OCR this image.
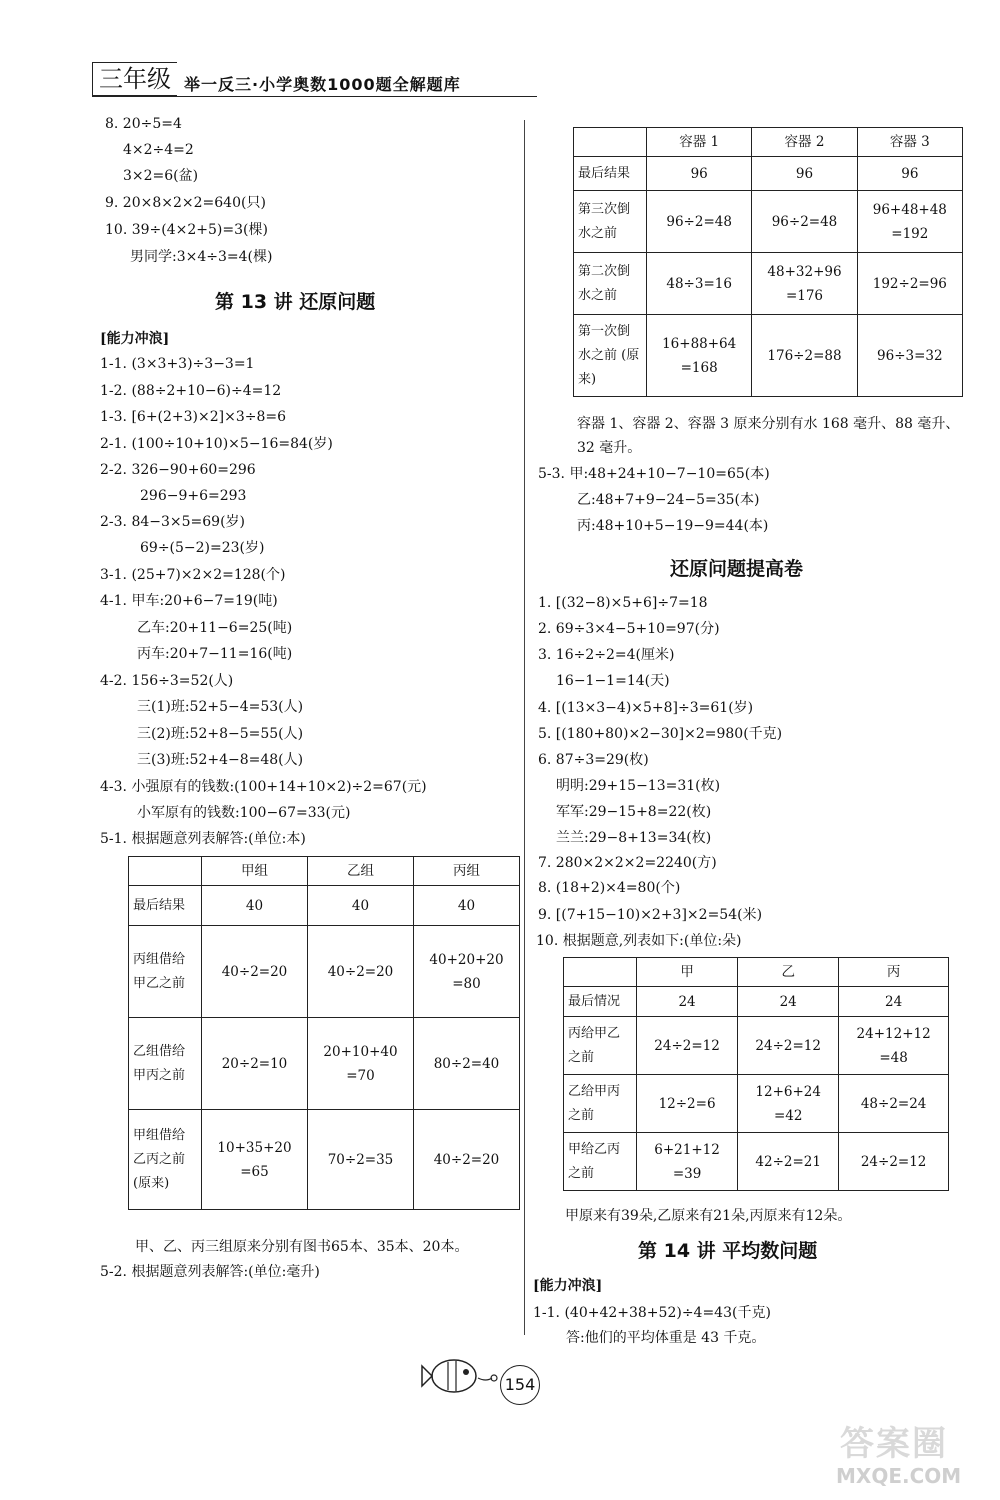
三年级 举一反三·小学奥数1000题全解题库
8. 20÷5=4
4×2÷4=2
3×2=6(盆)
9. 20×8×2×2=640(只)
10. 39÷(4×2+5)=3(棵)
男同学:3×4÷3=4(棵)
第 13 讲 还原问题
[能力冲浪]
1-1. (3×3+3)÷3−3=1
1-2. (88÷2+10−6)÷4=12
1-3. [6+(2+3)×2]×3÷8=6
2-1. (100÷10+10)×5−16=84(岁)
2-2. 326−90+60=296
296−9+6=293
2-3. 84−3×5=69(岁)
69÷(5−2)=23(岁)
3-1. (25+7)×2×2=128(个)
4-1. 甲车:20+6−7=19(吨)
乙车:20+11−6=25(吨)
丙车:20+7−11=16(吨)
4-2. 156÷3=52(人)
三(1)班:52+5−4=53(人)
三(2)班:52+8−5=55(人)
三(3)班:52+4−8=48(人)
4-3. 小强原有的钱数:(100+14+10×2)÷2=67(元)
小军原有的钱数:100−67=33(元)
5-1. 根据题意列表解答:(单位:本)
	甲组	乙组	丙组
最后结果	40	40	40
丙组借给甲乙之前	40÷2=20	40÷2=20	40+20+20 =80
乙组借给甲丙之前	20÷2=10	20+10+40 =70	80÷2=40
甲组借给乙丙之前 (原来)	10+35+20 =65	70÷2=35	40÷2=20
甲、乙、丙三组原来分别有图书65本、35本、20本。
5-2. 根据题意列表解答:(单位:毫升)
	容器 1	容器 2	容器 3
最后结果	96	96	96
第三次倒水之前	96÷2=48	96÷2=48	96+48+48 =192
第二次倒水之前	48÷3=16	48+32+96 =176	192÷2=96
第一次倒水之前 (原来)	16+88+64 =168	176÷2=88	96÷3=32
容器 1、容器 2、容器 3 原来分别有水 168 毫升、88 毫升、
32 毫升。
5-3. 甲:48+24+10−7−10=65(本)
乙:48+7+9−24−5=35(本)
丙:48+10+5−19−9=44(本)
还原问题提高卷
1. [(32−8)×5+6]÷7=18
2. 69÷3×4−5+10=97(分)
3. 16÷2÷2=4(厘米)
16−1−1=14(天)
4. [(13×3−4)×5+8]÷3=61(岁)
5. [(180+80)×2−30]×2=980(千克)
6. 87÷3=29(枚)
明明:29+15−13=31(枚)
军军:29−15+8=22(枚)
兰兰:29−8+13=34(枚)
7. 280×2×2×2=2240(方)
8. (18+2)×4=80(个)
9. [(7+15−10)×2+3]×2=54(米)
10. 根据题意,列表如下:(单位:朵)
	甲	乙	丙
最后情况	24	24	24
丙给甲乙之前	24÷2=12	24÷2=12	24+12+12 =48
乙给甲丙之前	12÷2=6	12+6+24 =42	48÷2=24
甲给乙丙之前	6+21+12 =39	42÷2=21	24÷2=12
甲原来有39朵,乙原来有21朵,丙原来有12朵。
第 14 讲 平均数问题
[能力冲浪]
1-1. (40+42+38+52)÷4=43(千克)
答:他们的平均体重是 43 千克。
154
答案圈
MXQE.COM
